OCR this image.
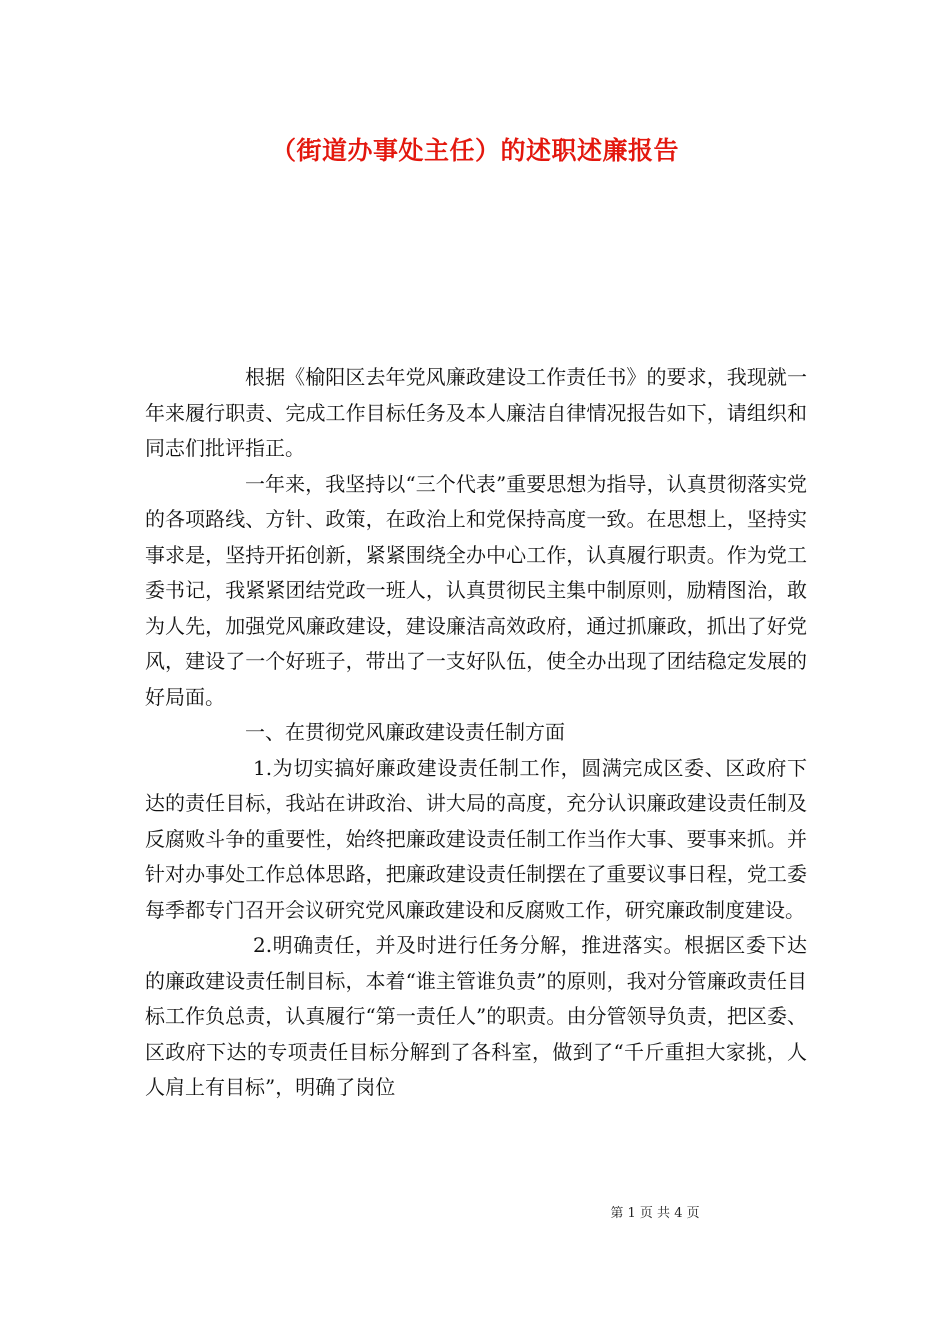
（街道办事处主任）的述职述廉报告

根据《榆阳区去年党风廉政建设工作责任书》的要求，我现就一年来履行职责、完成工作目标任务及本人廉洁自律情况报告如下，请组织和同志们批评指正。

一年来，我坚持以“三个代表”重要思想为指导，认真贯彻落实党的各项路线、方针、政策，在政治上和党保持高度一致。在思想上，坚持实事求是，坚持开拓创新，紧紧围绕全办中心工作，认真履行职责。作为党工委书记，我紧紧团结党政一班人，认真贯彻民主集中制原则，励精图治，敢为人先，加强党风廉政建设，建设廉洁高效政府，通过抓廉政，抓出了好党风，建设了一个好班子，带出了一支好队伍，使全办出现了团结稳定发展的好局面。

一、在贯彻党风廉政建设责任制方面

1.为切实搞好廉政建设责任制工作，圆满完成区委、区政府下达的责任目标，我站在讲政治、讲大局的高度，充分认识廉政建设责任制及反腐败斗争的重要性，始终把廉政建设责任制工作当作大事、要事来抓。并针对办事处工作总体思路，把廉政建设责任制摆在了重要议事日程，党工委每季都专门召开会议研究党风廉政建设和反腐败工作，研究廉政制度建设。

2.明确责任，并及时进行任务分解，推进落实。根据区委下达的廉政建设责任制目标，本着“谁主管谁负责”的原则，我对分管廉政责任目标工作负总责，认真履行“第一责任人”的职责。由分管领导负责，把区委、区政府下达的专项责任目标分解到了各科室，做到了“千斤重担大家挑，人人肩上有目标”，明确了岗位

第 1 页 共 4 页
